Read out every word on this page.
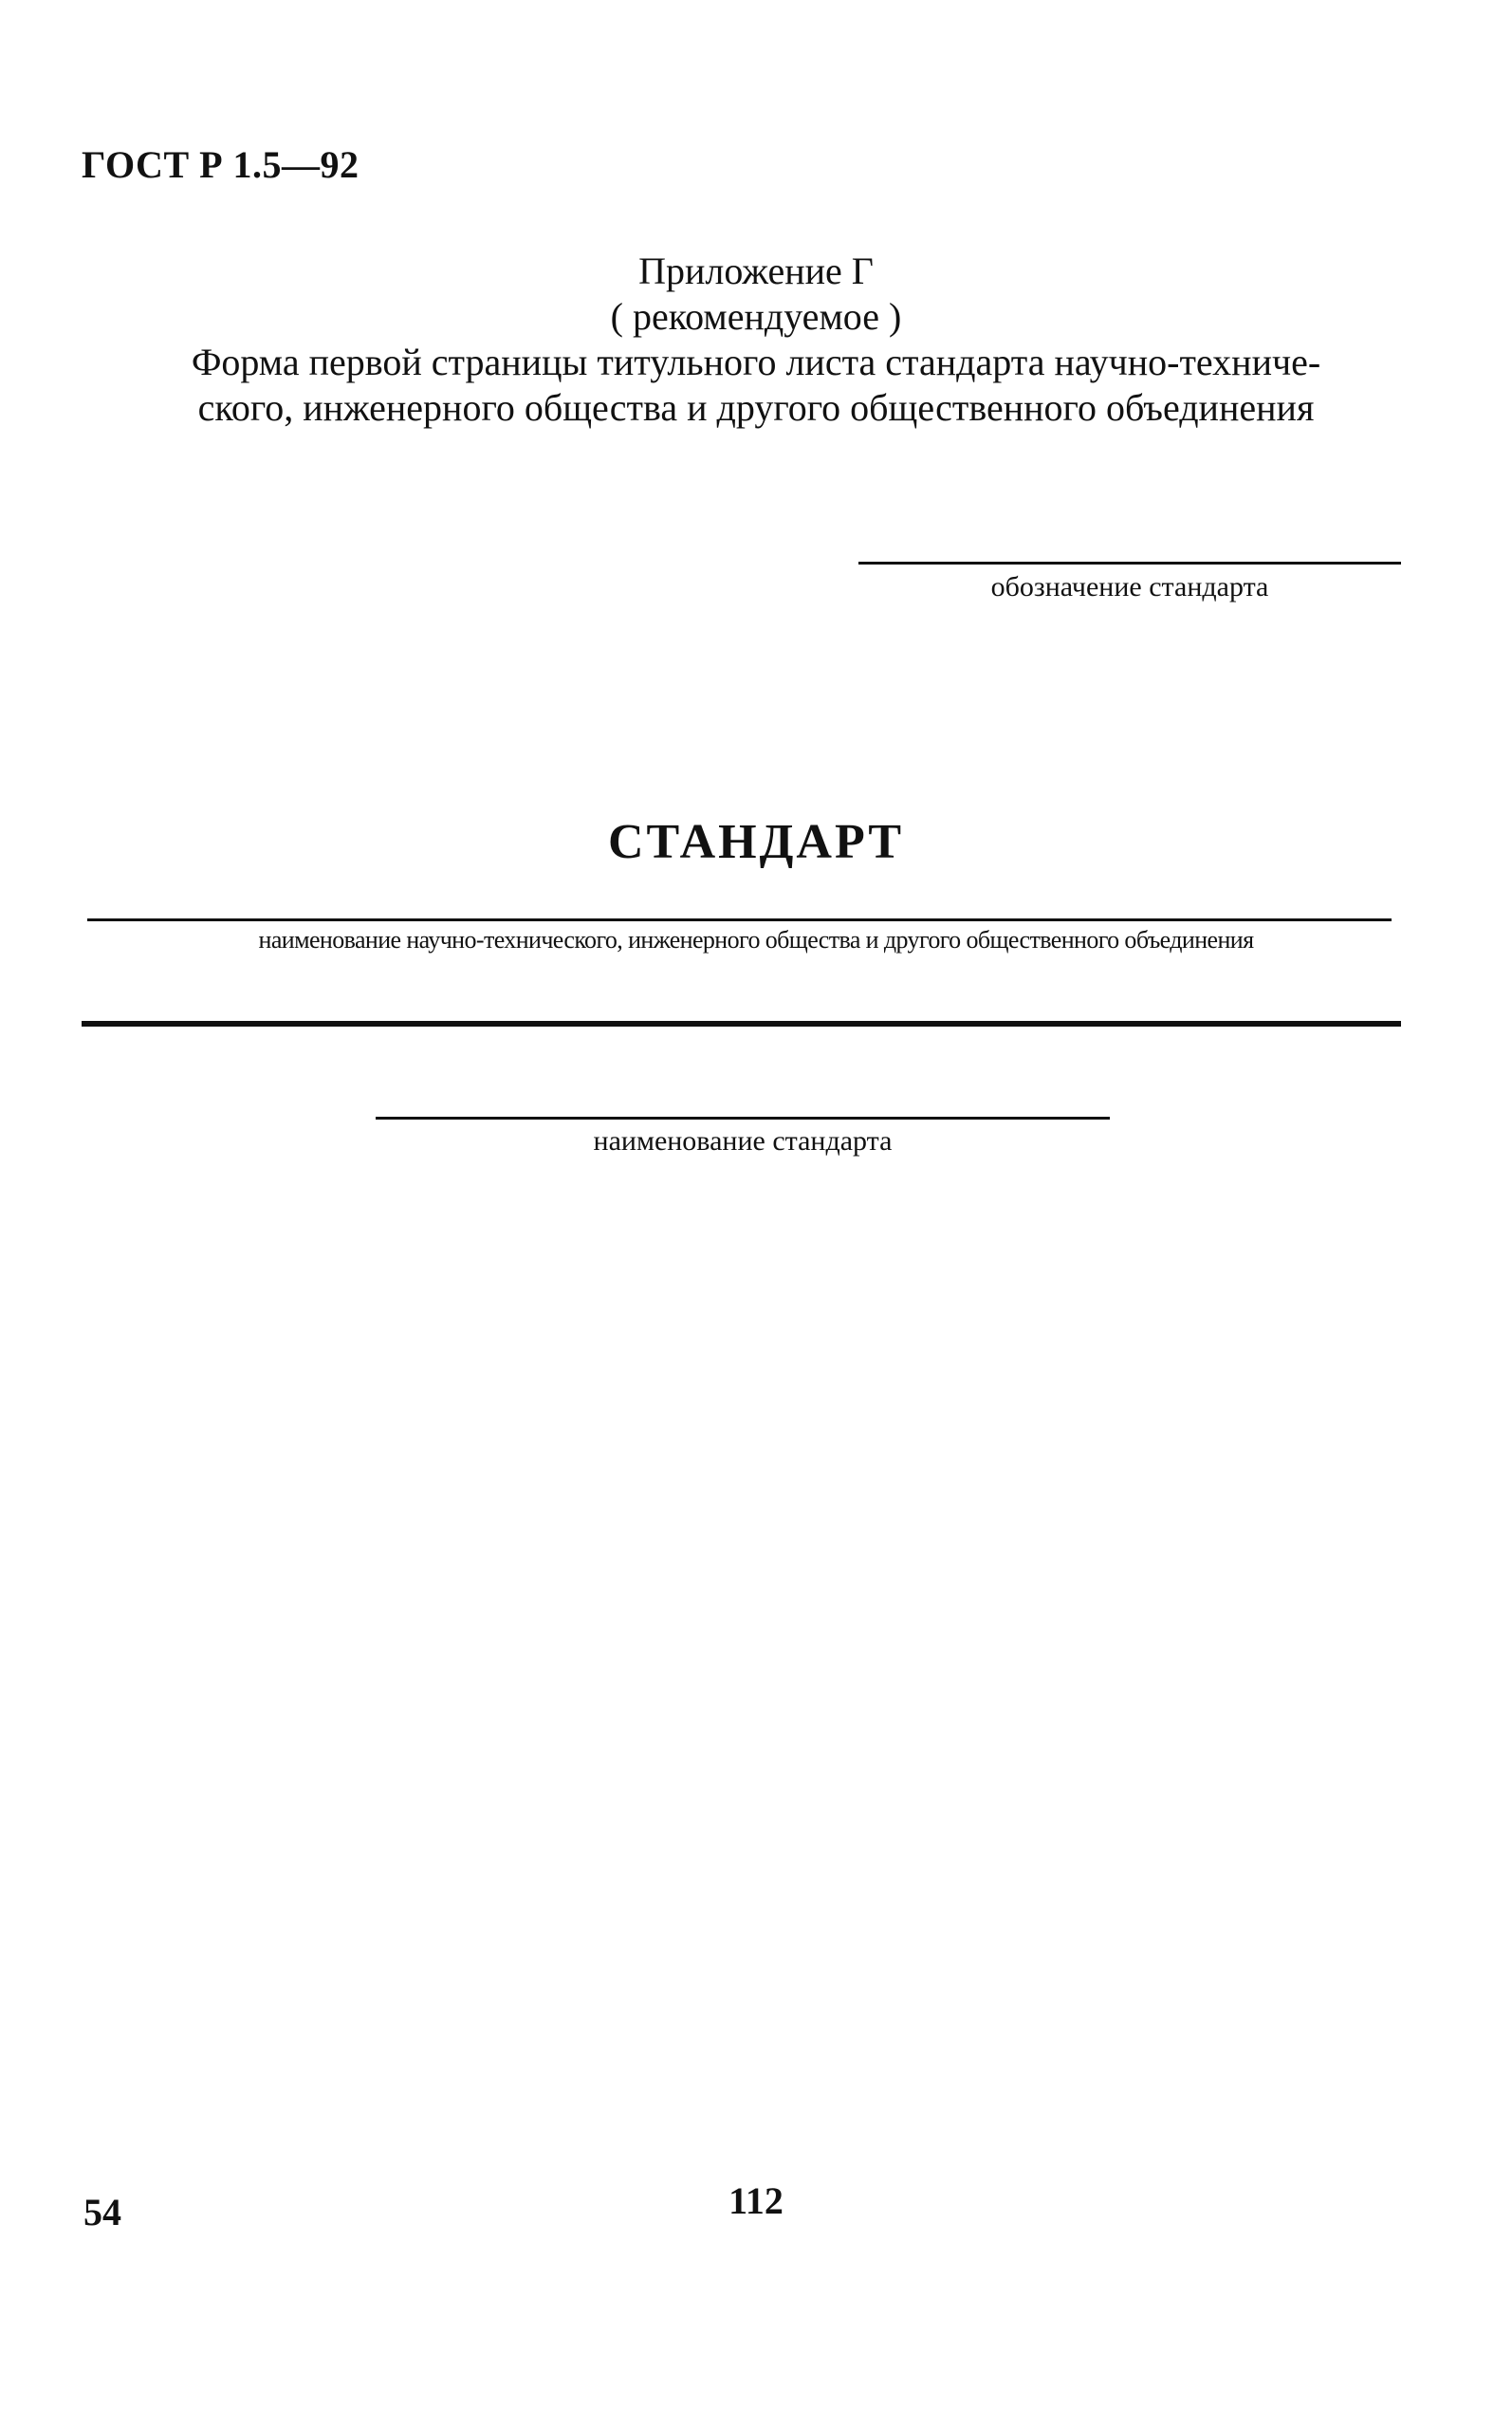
ГОСТ Р 1.5—92
Приложение Г
( рекомендуемое )
Форма первой страницы титульного листа стандарта научно-техниче-
ского, инженерного общества и другого общественного объединения
обозначение стандарта
СТАНДАРТ
наименование научно-технического, инженерного общества и другого общественного объединения
наименование стандарта
54	112
